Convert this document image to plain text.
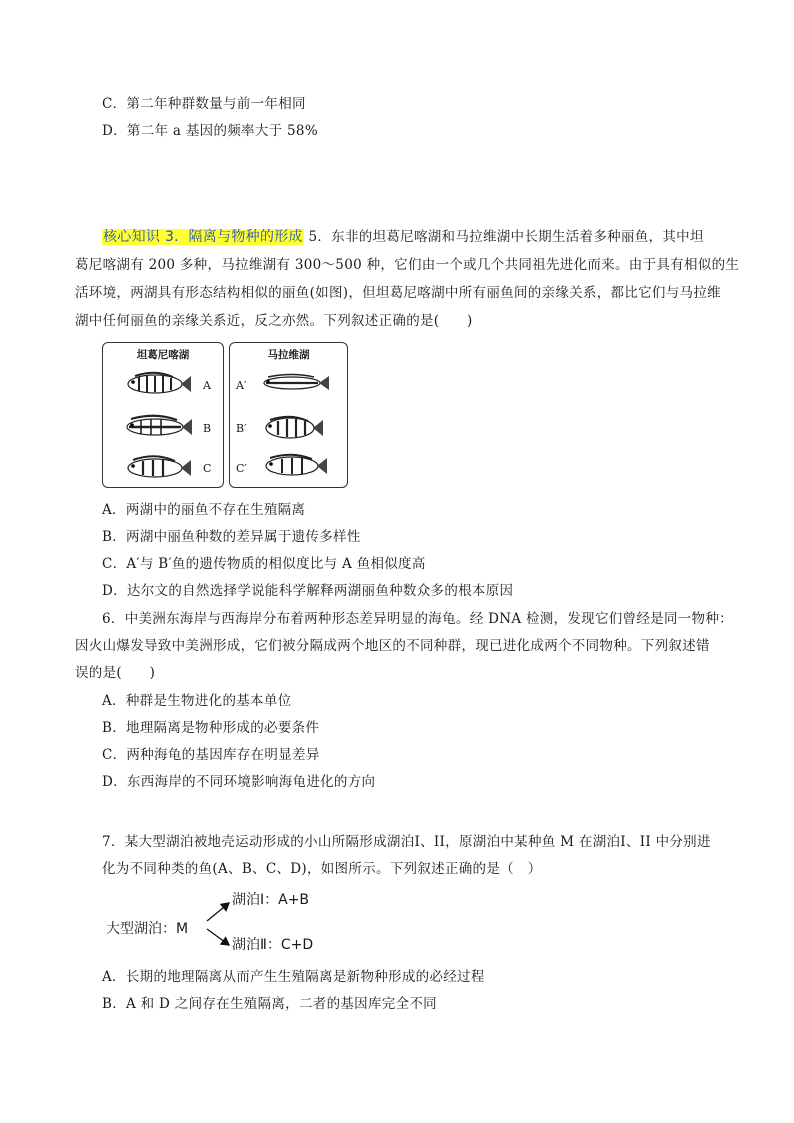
C．第二年种群数量与前一年相同
D．第二年 a 基因的频率大于 58%
核心知识 3．隔离与物种的形成 5．东非的坦葛尼喀湖和马拉维湖中长期生活着多种丽鱼，其中坦
葛尼喀湖有 200 多种，马拉维湖有 300～500 种，它们由一个或几个共同祖先进化而来。由于具有相似的生
活环境，两湖具有形态结构相似的丽鱼(如图)，但坦葛尼喀湖中所有丽鱼间的亲缘关系，都比它们与马拉维
湖中任何丽鱼的亲缘关系近，反之亦然。下列叙述正确的是(　　)
坦葛尼喀湖
A
B
C
马拉维湖
A′
B′
C′
A．两湖中的丽鱼不存在生殖隔离
B．两湖中丽鱼种数的差异属于遗传多样性
C．A′与 B′鱼的遗传物质的相似度比与 A 鱼相似度高
D．达尔文的自然选择学说能科学解释两湖丽鱼种数众多的根本原因
6．中美洲东海岸与西海岸分布着两种形态差异明显的海龟。经 DNA 检测，发现它们曾经是同一物种：
因火山爆发导致中美洲形成，它们被分隔成两个地区的不同种群，现已进化成两个不同物种。下列叙述错
误的是(　　)
A．种群是生物进化的基本单位
B．地理隔离是物种形成的必要条件
C．两种海龟的基因库存在明显差异
D．东西海岸的不同环境影响海龟进化的方向
7．某大型湖泊被地壳运动形成的小山所隔形成湖泊Ⅰ、II，原湖泊中某种鱼 M 在湖泊Ⅰ、II 中分别进
化为不同种类的鱼(A、B、C、D)，如图所示。下列叙述正确的是（　）
大型湖泊：M
湖泊Ⅰ：A+B
湖泊Ⅱ：C+D
A．长期的地理隔离从而产生生殖隔离是新物种形成的必经过程
B．A 和 D 之间存在生殖隔离，二者的基因库完全不同
